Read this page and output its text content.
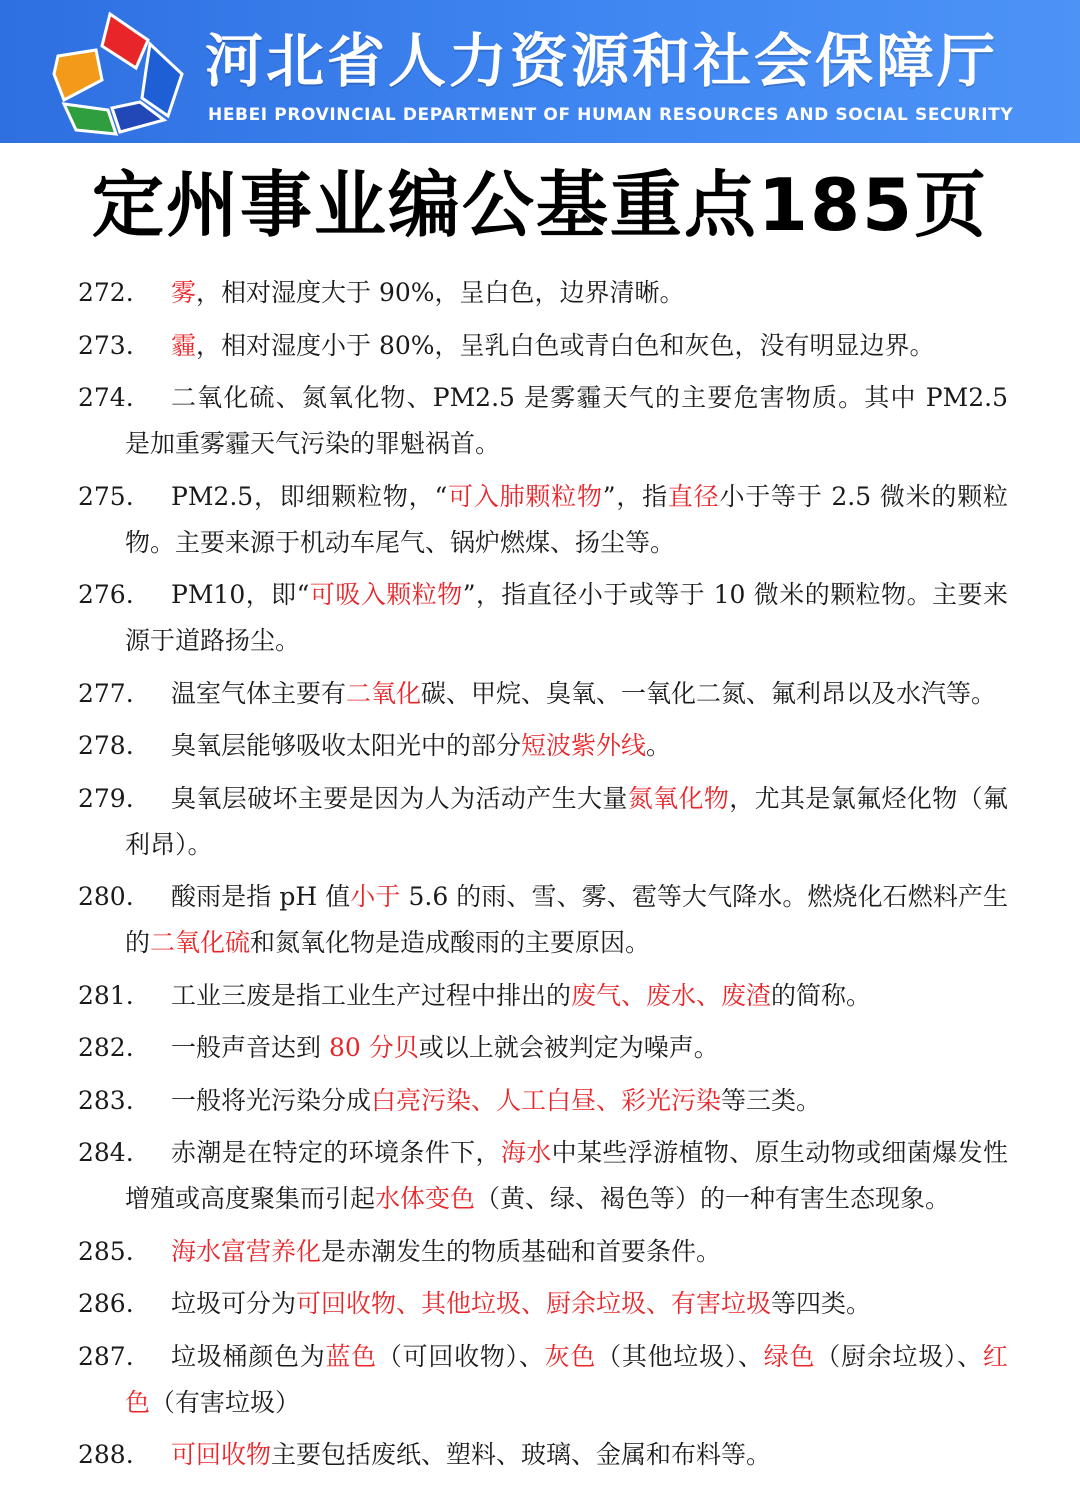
河北省人力资源和社会保障厅
HEBEI PROVINCIAL DEPARTMENT OF HUMAN RESOURCES AND SOCIAL SECURITY
定州事业编公基重点185页
272.	雾，相对湿度大于 90%，呈白色，边界清晰。
273.	霾，相对湿度小于 80%，呈乳白色或青白色和灰色，没有明显边界。
274.	二氧化硫、氮氧化物、PM2.5 是雾霾天气的主要危害物质。其中 PM2.5 是加重雾霾天气污染的罪魁祸首。
275.	PM2.5，即细颗粒物，“可入肺颗粒物”，指直径小于等于 2.5 微米的颗粒物。主要来源于机动车尾气、锅炉燃煤、扬尘等。
276.	PM10，即“可吸入颗粒物”，指直径小于或等于 10 微米的颗粒物。主要来源于道路扬尘。
277.	温室气体主要有二氧化碳、甲烷、臭氧、一氧化二氮、氟利昂以及水汽等。
278.	臭氧层能够吸收太阳光中的部分短波紫外线。
279.	臭氧层破坏主要是因为人为活动产生大量氮氧化物，尤其是氯氟烃化物（氟利昂）。
280.	酸雨是指 pH 值小于 5.6 的雨、雪、雾、雹等大气降水。燃烧化石燃料产生的二氧化硫和氮氧化物是造成酸雨的主要原因。
281.	工业三废是指工业生产过程中排出的废气、废水、废渣的简称。
282.	一般声音达到 80 分贝或以上就会被判定为噪声。
283.	一般将光污染分成白亮污染、人工白昼、彩光污染等三类。
284.	赤潮是在特定的环境条件下，海水中某些浮游植物、原生动物或细菌爆发性增殖或高度聚集而引起水体变色（黄、绿、褐色等）的一种有害生态现象。
285.	海水富营养化是赤潮发生的物质基础和首要条件。
286.	垃圾可分为可回收物、其他垃圾、厨余垃圾、有害垃圾等四类。
287.	垃圾桶颜色为蓝色（可回收物）、灰色（其他垃圾）、绿色（厨余垃圾）、红色（有害垃圾）
288.	可回收物主要包括废纸、塑料、玻璃、金属和布料等。
